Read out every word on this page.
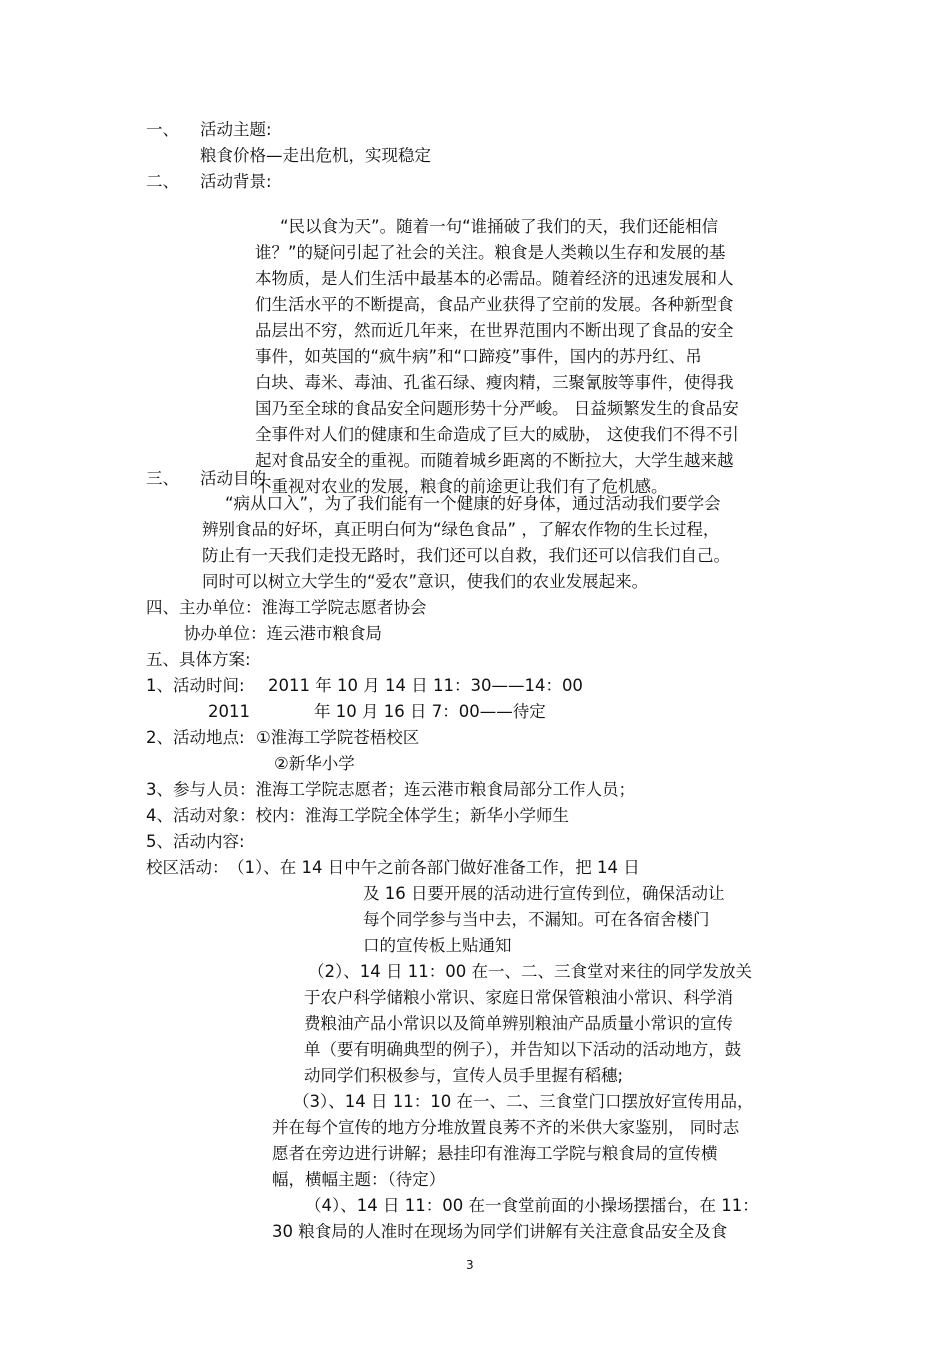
一、 活动主题:
粮食价格—走出危机，实现稳定
二、 活动背景:
“民以食为天”。随着一句“谁捅破了我们的天，我们还能相信
谁？”的疑问引起了社会的关注。粮食是人类赖以生存和发展的基
本物质，是人们生活中最基本的必需品。随着经济的迅速发展和人
们生活水平的不断提高，食品产业获得了空前的发展。各种新型食
品层出不穷，然而近几年来，在世界范围内不断出现了食品的安全
事件，如英国的“疯牛病”和“口蹄疫”事件，国内的苏丹红、吊
白块、毒米、毒油、孔雀石绿、瘦肉精，三聚氰胺等事件，使得我
国乃至全球的食品安全问题形势十分严峻。 日益频繁发生的食品安
全事件对人们的健康和生命造成了巨大的威胁， 这使我们不得不引
起对食品安全的重视。而随着城乡距离的不断拉大，大学生越来越
不重视对农业的发展，粮食的前途更让我们有了危机感。
三、 活动目的
“病从口入”，为了我们能有一个健康的好身体，通过活动我们要学会
辨别食品的好坏，真正明白何为“绿色食品” ，了解农作物的生长过程，
防止有一天我们走投无路时，我们还可以自救，我们还可以信我们自己。
同时可以树立大学生的“爱农”意识，使我们的农业发展起来。
四、主办单位：淮海工学院志愿者协会
协办单位：连云港市粮食局
五、具体方案:
1、活动时间: 2011 年 10 月 14 日 11：30——14：00
2011	年 10 月 16 日 7：00——待定
2、活动地点: ①淮海工学院苍梧校区
②新华小学
3、参与人员：淮海工学院志愿者；连云港市粮食局部分工作人员；
4、活动对象：校内：淮海工学院全体学生；新华小学师生
5、活动内容:
校区活动： （1）、在 14 日中午之前各部门做好准备工作，把 14 日
及 16 日要开展的活动进行宣传到位，确保活动让
每个同学参与当中去，不漏知。可在各宿舍楼门
口的宣传板上贴通知
（2）、14 日 11：00 在一、二、三食堂对来往的同学发放关
于农户科学储粮小常识、家庭日常保管粮油小常识、科学消
费粮油产品小常识以及简单辨别粮油产品质量小常识的宣传
单（要有明确典型的例子），并告知以下活动的活动地方，鼓
动同学们积极参与，宣传人员手里握有稻穗;
（3）、14 日 11：10 在一、二、三食堂门口摆放好宣传用品，
并在每个宣传的地方分堆放置良莠不齐的米供大家鉴别， 同时志
愿者在旁边进行讲解；悬挂印有淮海工学院与粮食局的宣传横
幅，横幅主题：（待定）
（4）、14 日 11：00 在一食堂前面的小操场摆擂台，在 11：
30 粮食局的人准时在现场为同学们讲解有关注意食品安全及食
3
